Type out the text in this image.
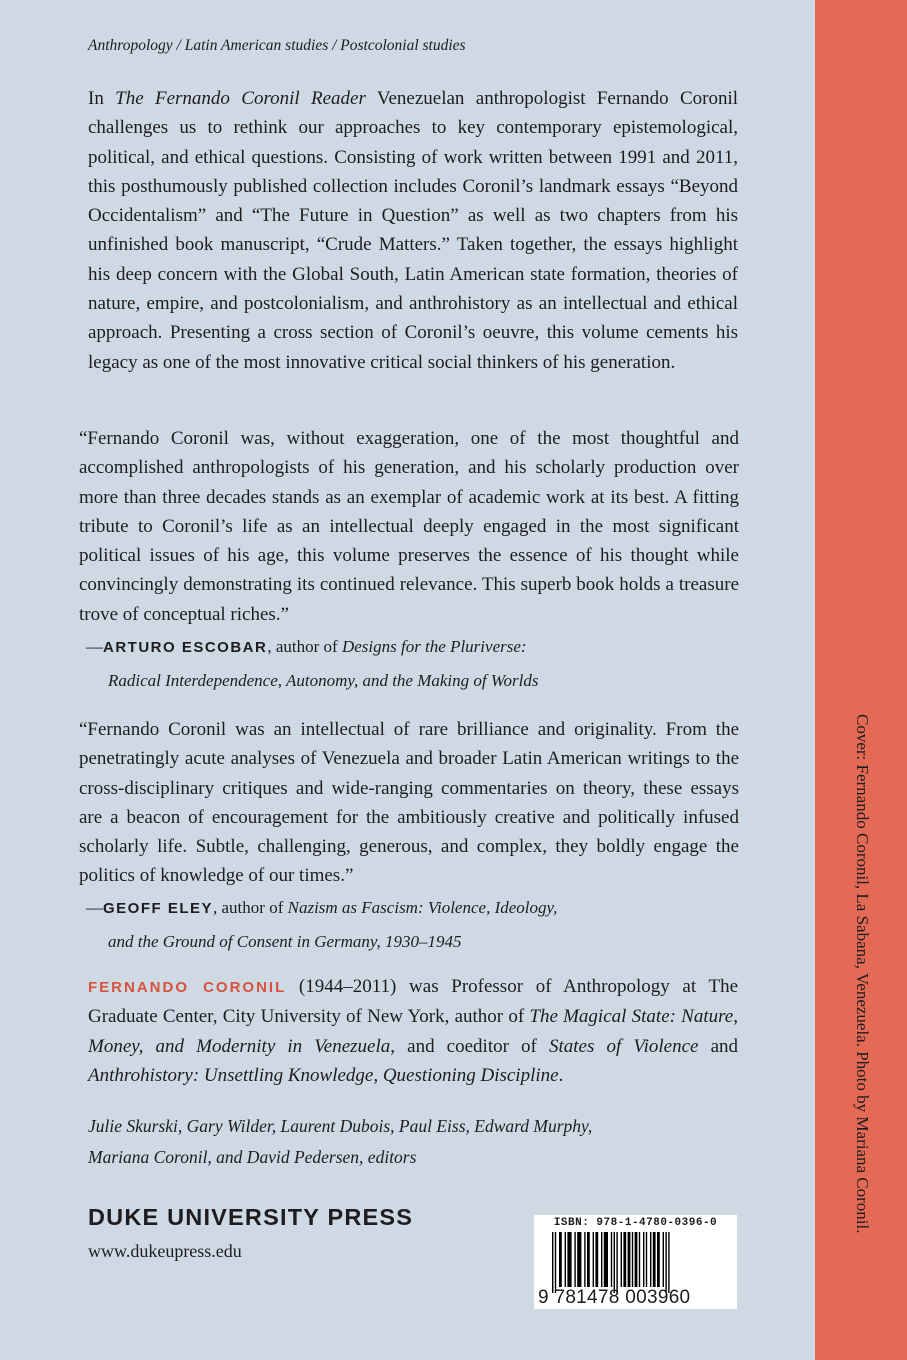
Anthropology / Latin American studies / Postcolonial studies

In The Fernando Coronil Reader Venezuelan anthropologist Fernando Coronil challenges us to rethink our approaches to key contemporary epistemological, political, and ethical questions. Consisting of work written between 1991 and 2011, this posthumously published collection includes Coronil’s landmark essays “Beyond Occidentalism” and “The Future in Question” as well as two chapters from his unfinished book manuscript, “Crude Matters.” Taken together, the essays highlight his deep concern with the Global South, Latin American state formation, theories of nature, empire, and postcolonialism, and anthrohistory as an intellectual and ethical approach. Presenting a cross section of Coronil’s oeuvre, this volume cements his legacy as one of the most innovative critical social thinkers of his generation.

“Fernando Coronil was, without exaggeration, one of the most thoughtful and accomplished anthropologists of his generation, and his scholarly production over more than three decades stands as an exemplar of academic work at its best. A fitting tribute to Coronil’s life as an intellectual deeply engaged in the most significant political issues of his age, this volume preserves the essence of his thought while convincingly demonstrating its continued relevance. This superb book holds a treasure trove of conceptual riches.”

—ARTURO ESCOBAR, author of Designs for the Pluriverse:
Radical Interdependence, Autonomy, and the Making of Worlds

“Fernando Coronil was an intellectual of rare brilliance and originality. From the penetratingly acute analyses of Venezuela and broader Latin American writings to the cross-disciplinary critiques and wide-ranging commentaries on theory, these essays are a beacon of encouragement for the ambitiously creative and politically infused scholarly life. Subtle, challenging, generous, and complex, they boldly engage the politics of knowledge of our times.”

—GEOFF ELEY, author of Nazism as Fascism: Violence, Ideology,
and the Ground of Consent in Germany, 1930–1945

FERNANDO CORONIL (1944–2011) was Professor of Anthropology at The Graduate Center, City University of New York, author of The Magical State: Nature, Money, and Modernity in Venezuela, and coeditor of States of Violence and Anthrohistory: Unsettling Knowledge, Questioning Discipline.

Julie Skurski, Gary Wilder, Laurent Dubois, Paul Eiss, Edward Murphy,
Mariana Coronil, and David Pedersen, editors

DUKE UNIVERSITY PRESS
www.dukeupress.edu
ISBN: 978-1-4780-0396-0
9 781478 003960
Cover: Fernando Coronil, La Sabana, Venezuela. Photo by Mariana Coronil.
